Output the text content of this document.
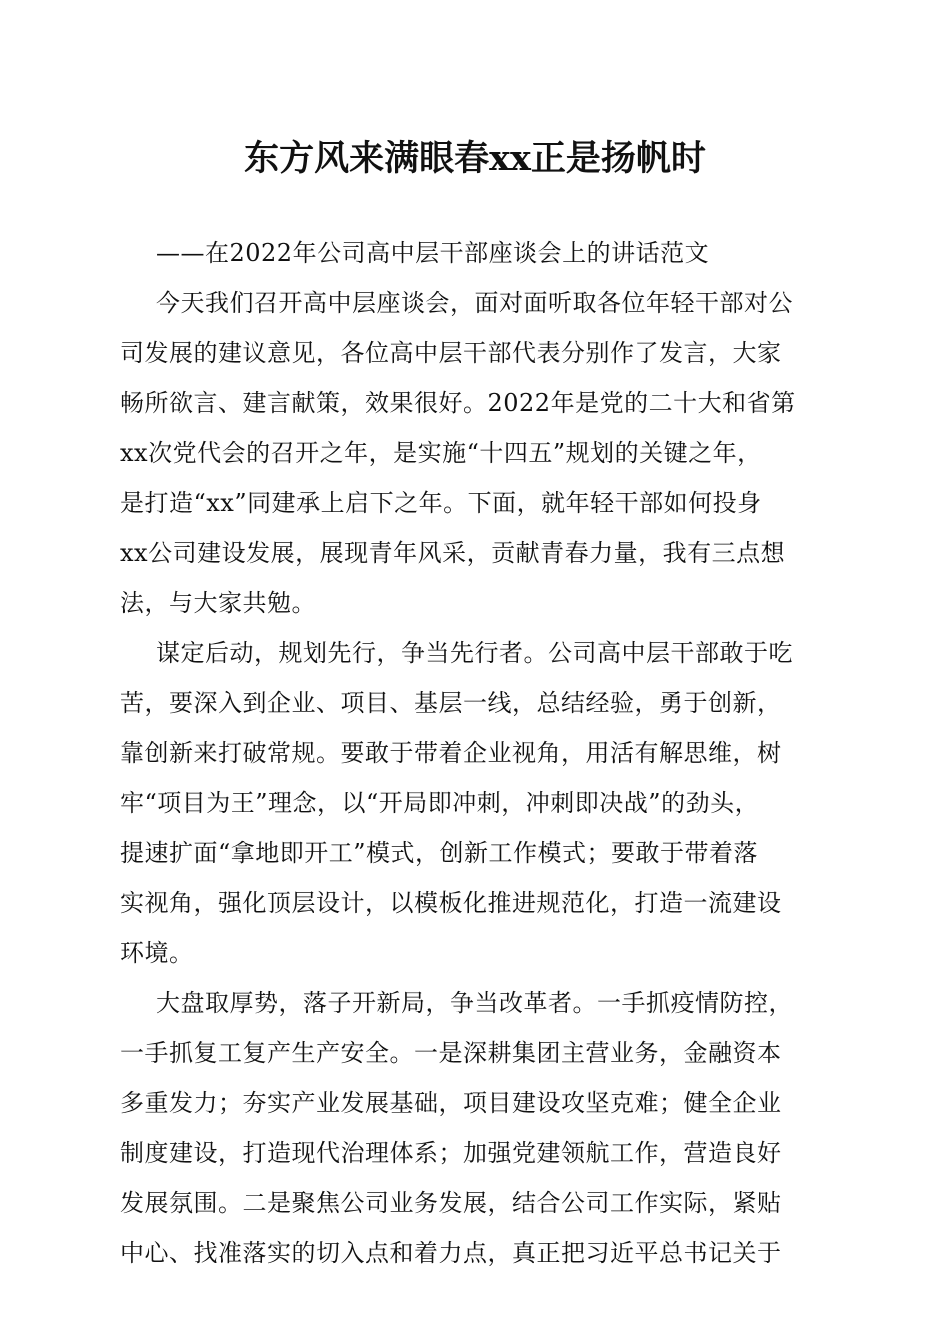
东方风来满眼春xx正是扬帆时
——在2022年公司高中层干部座谈会上的讲话范文
今天我们召开高中层座谈会，面对面听取各位年轻干部对公
司发展的建议意见，各位高中层干部代表分别作了发言，大家
畅所欲言、建言献策，效果很好。2022年是党的二十大和省第
xx次党代会的召开之年，是实施“十四五”规划的关键之年，
是打造“xx”同建承上启下之年。下面，就年轻干部如何投身
xx公司建设发展，展现青年风采，贡献青春力量，我有三点想
法，与大家共勉。
谋定后动，规划先行，争当先行者。公司高中层干部敢于吃
苦，要深入到企业、项目、基层一线，总结经验，勇于创新，
靠创新来打破常规。要敢于带着企业视角，用活有解思维，树
牢“项目为王”理念，以“开局即冲刺，冲刺即决战”的劲头，
提速扩面“拿地即开工”模式，创新工作模式；要敢于带着落
实视角，强化顶层设计，以模板化推进规范化，打造一流建设
环境。
大盘取厚势，落子开新局，争当改革者。一手抓疫情防控，
一手抓复工复产生产安全。一是深耕集团主营业务，金融资本
多重发力；夯实产业发展基础，项目建设攻坚克难；健全企业
制度建设，打造现代治理体系；加强党建领航工作，营造良好
发展氛围。二是聚焦公司业务发展，结合公司工作实际，紧贴
中心、找准落实的切入点和着力点，真正把习近平总书记关于
